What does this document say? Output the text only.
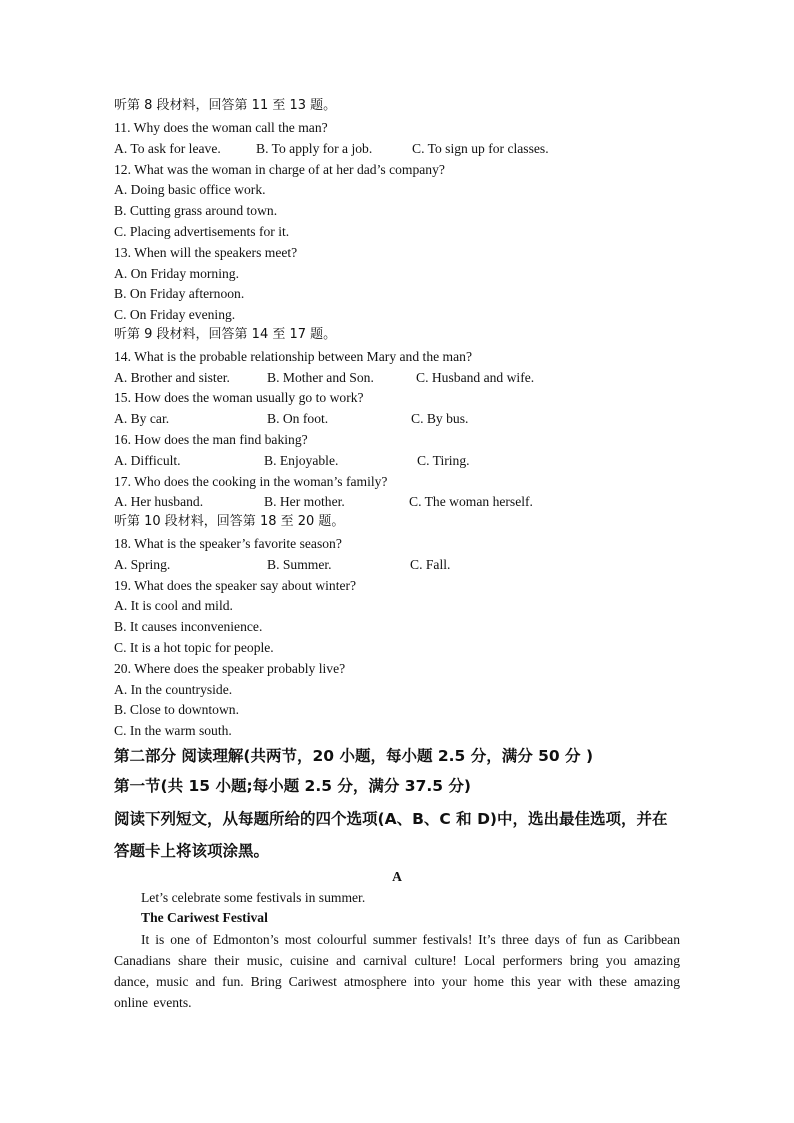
听第 8 段材料，回答第 11 至 13 题。
11. Why does the woman call the man?
A. To ask for leave.	B. To apply for a job.	C. To sign up for classes.
12. What was the woman in charge of at her dad’s company?
A. Doing basic office work.
B. Cutting grass around town.
C. Placing advertisements for it.
13. When will the speakers meet?
A. On Friday morning.
B. On Friday afternoon.
C. On Friday evening.
听第 9 段材料，回答第 14 至 17 题。
14. What is the probable relationship between Mary and the man?
A. Brother and sister.	B. Mother and Son.	C. Husband and wife.
15. How does the woman usually go to work?
A. By car.	B. On foot.	C. By bus.
16. How does the man find baking?
A. Difficult.	B. Enjoyable.	C. Tiring.
17. Who does the cooking in the woman’s family?
A. Her husband.	B. Her mother.	C. The woman herself.
听第 10 段材料，回答第 18 至 20 题。
18. What is the speaker’s favorite season?
A. Spring.	B. Summer.	C. Fall.
19. What does the speaker say about winter?
A. It is cool and mild.
B. It causes inconvenience.
C. It is a hot topic for people.
20. Where does the speaker probably live?
A. In the countryside.
B. Close to downtown.
C. In the warm south.
第二部分 阅读理解(共两节，20 小题，每小题 2.5 分，满分 50 分 )
第一节(共 15 小题;每小题 2.5 分，满分 37.5 分)
阅读下列短文，从每题所给的四个选项(A、B、C 和 D)中，选出最佳选项，并在
答题卡上将该项涂黑。
A
Let’s celebrate some festivals in summer.
The Cariwest Festival
It is one of Edmonton’s most colourful summer festivals! It’s three days of fun as Caribbean Canadians share their music, cuisine and carnival culture! Local performers bring you amazing dance, music and fun. Bring Cariwest atmosphere into your home this year with these amazing online events.
